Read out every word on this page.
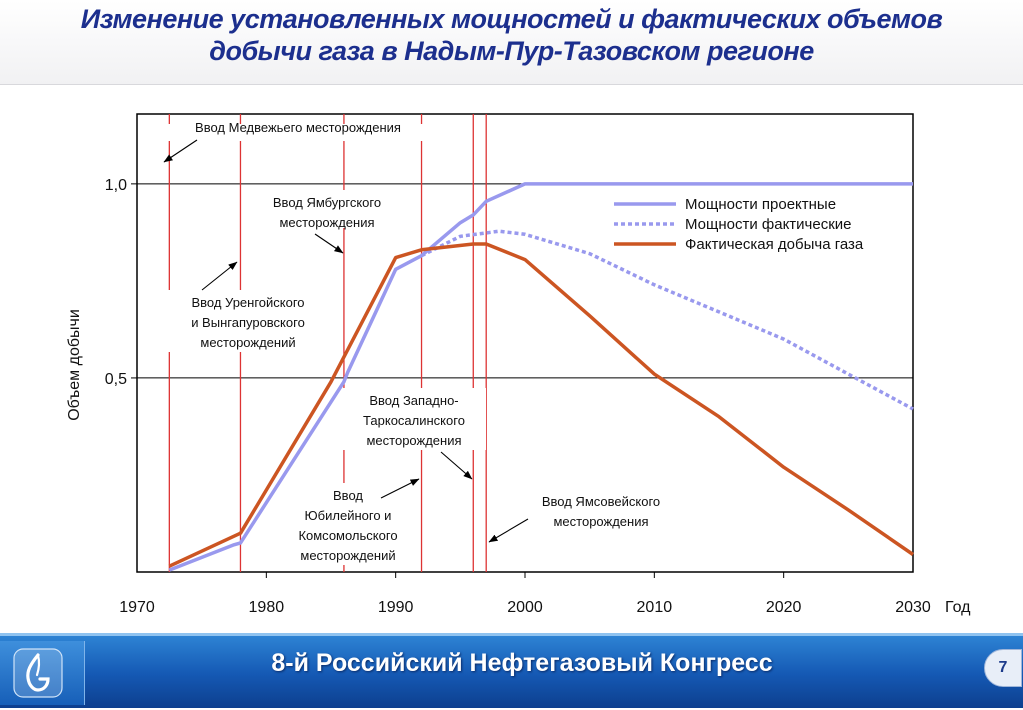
Изменение установленных мощностей и фактических объемов
добычи газа в Надым-Пур-Тазовском регионе
0,5
1,0
1970	1980	1990	2000	2010	2020	2030 Год
Объем добычи
Ввод Медвежьего месторождения
Ввод Ямбургского
месторождения
Ввод Уренгойского
и Вынгапуровского
месторождений
Ввод Западно-
Таркосалинского
месторождения
Ввод
Юбилейного и
Комсомольского
месторождений
Ввод Ямсовейского
месторождения
Мощности проектные
Мощности фактические
Фактическая добыча газа
8-й Российский Нефтегазовый Конгресс	7
